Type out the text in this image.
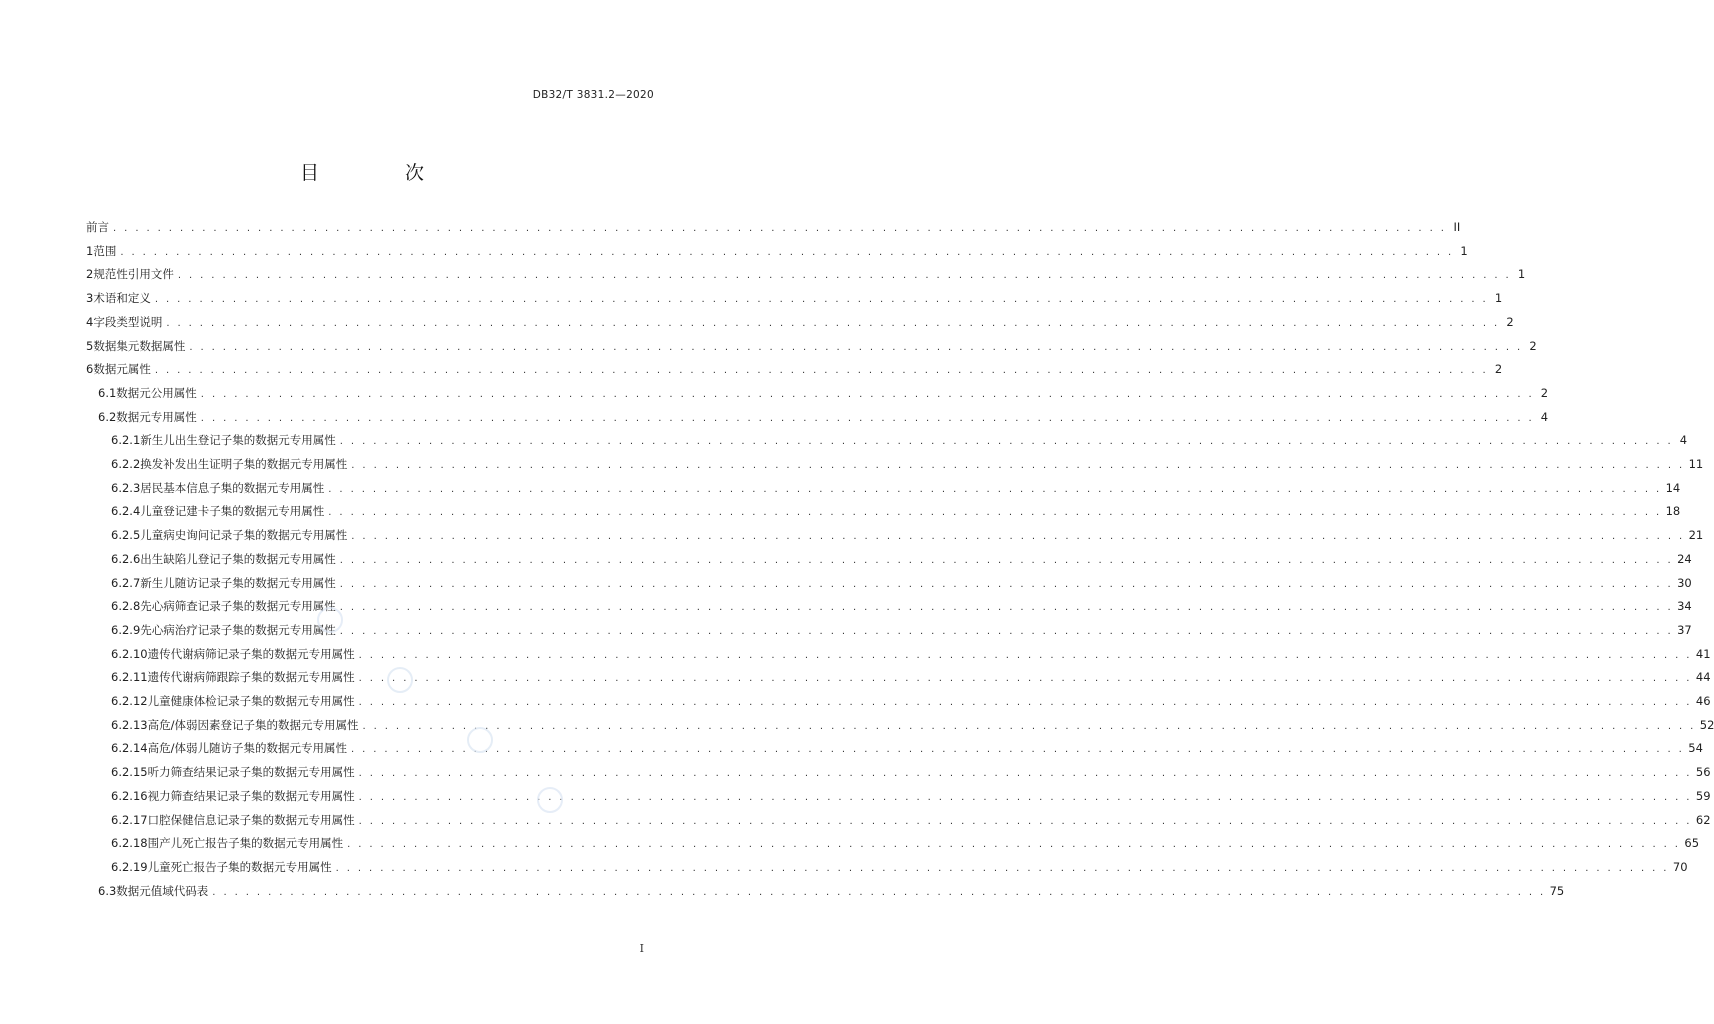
DB32/T 3831.2—2020
目 次
前言 . . . . . . . . . . . . . . . . . . . . . . . . . . . . . . . . . . . . . . . . . . . . . . . . . . . . . . . . . . . . . . . . . . . . . . . . . . . . . . . . . . . . . . . . . . . . . . . . . . . . . . . . . . . . . . . . . . . . . . . . II
1 范围 . . . . . . . . . . . . . . . . . . . . . . . . . . . . . . . . . . . . . . . . . . . . . . . . . . . . . . . . . . . . . . . . . . . . . . . . . . . . . . . . . . . . . . . . . . . . . . . . . . . . . . . . . . . . . . . . . . . . . . . . 1
2 规范性引用文件 . . . . . . . . . . . . . . . . . . . . . . . . . . . . . . . . . . . . . . . . . . . . . . . . . . . . . . . . . . . . . . . . . . . . . . . . . . . . . . . . . . . . . . . . . . . . . . . . . . . . . . . . . . . . . . . . . . . . . . . . 1
3 术语和定义 . . . . . . . . . . . . . . . . . . . . . . . . . . . . . . . . . . . . . . . . . . . . . . . . . . . . . . . . . . . . . . . . . . . . . . . . . . . . . . . . . . . . . . . . . . . . . . . . . . . . . . . . . . . . . . . . . . . . . . . . 1
4 字段类型说明 . . . . . . . . . . . . . . . . . . . . . . . . . . . . . . . . . . . . . . . . . . . . . . . . . . . . . . . . . . . . . . . . . . . . . . . . . . . . . . . . . . . . . . . . . . . . . . . . . . . . . . . . . . . . . . . . . . . . . . . . 2
5 数据集元数据属性 . . . . . . . . . . . . . . . . . . . . . . . . . . . . . . . . . . . . . . . . . . . . . . . . . . . . . . . . . . . . . . . . . . . . . . . . . . . . . . . . . . . . . . . . . . . . . . . . . . . . . . . . . . . . . . . . . . . . . . . . 2
6 数据元属性 . . . . . . . . . . . . . . . . . . . . . . . . . . . . . . . . . . . . . . . . . . . . . . . . . . . . . . . . . . . . . . . . . . . . . . . . . . . . . . . . . . . . . . . . . . . . . . . . . . . . . . . . . . . . . . . . . . . . . . . . 2
6.1 数据元公用属性 . . . . . . . . . . . . . . . . . . . . . . . . . . . . . . . . . . . . . . . . . . . . . . . . . . . . . . . . . . . . . . . . . . . . . . . . . . . . . . . . . . . . . . . . . . . . . . . . . . . . . . . . . . . . . . . . . . . . . . . . 2
6.2 数据元专用属性 . . . . . . . . . . . . . . . . . . . . . . . . . . . . . . . . . . . . . . . . . . . . . . . . . . . . . . . . . . . . . . . . . . . . . . . . . . . . . . . . . . . . . . . . . . . . . . . . . . . . . . . . . . . . . . . . . . . . . . . . 4
6.2.1 新生儿出生登记子集的数据元专用属性 . . . . . . . . . . . . . . . . . . . . . . . . . . . . . . . . . . . . . . . . . . . . . . . . . . . . . . . . . . . . . . . . . . . . . . . . . . . . . . . . . . . . . . . . . . . . . . . . . . . . . . . . . . . . . . . . . . . . . . . . 4
6.2.2 换发补发出生证明子集的数据元专用属性 . . . . . . . . . . . . . . . . . . . . . . . . . . . . . . . . . . . . . . . . . . . . . . . . . . . . . . . . . . . . . . . . . . . . . . . . . . . . . . . . . . . . . . . . . . . . . . . . . . . . . . . . . . . . . . . . . . . . . . . . 11
6.2.3 居民基本信息子集的数据元专用属性 . . . . . . . . . . . . . . . . . . . . . . . . . . . . . . . . . . . . . . . . . . . . . . . . . . . . . . . . . . . . . . . . . . . . . . . . . . . . . . . . . . . . . . . . . . . . . . . . . . . . . . . . . . . . . . . . . . . . . . . . 14
6.2.4 儿童登记建卡子集的数据元专用属性 . . . . . . . . . . . . . . . . . . . . . . . . . . . . . . . . . . . . . . . . . . . . . . . . . . . . . . . . . . . . . . . . . . . . . . . . . . . . . . . . . . . . . . . . . . . . . . . . . . . . . . . . . . . . . . . . . . . . . . . . 18
6.2.5 儿童病史询问记录子集的数据元专用属性 . . . . . . . . . . . . . . . . . . . . . . . . . . . . . . . . . . . . . . . . . . . . . . . . . . . . . . . . . . . . . . . . . . . . . . . . . . . . . . . . . . . . . . . . . . . . . . . . . . . . . . . . . . . . . . . . . . . . . . . . 21
6.2.6 出生缺陷儿登记子集的数据元专用属性 . . . . . . . . . . . . . . . . . . . . . . . . . . . . . . . . . . . . . . . . . . . . . . . . . . . . . . . . . . . . . . . . . . . . . . . . . . . . . . . . . . . . . . . . . . . . . . . . . . . . . . . . . . . . . . . . . . . . . . . . 24
6.2.7 新生儿随访记录子集的数据元专用属性 . . . . . . . . . . . . . . . . . . . . . . . . . . . . . . . . . . . . . . . . . . . . . . . . . . . . . . . . . . . . . . . . . . . . . . . . . . . . . . . . . . . . . . . . . . . . . . . . . . . . . . . . . . . . . . . . . . . . . . . . 30
6.2.8 先心病筛查记录子集的数据元专用属性 . . . . . . . . . . . . . . . . . . . . . . . . . . . . . . . . . . . . . . . . . . . . . . . . . . . . . . . . . . . . . . . . . . . . . . . . . . . . . . . . . . . . . . . . . . . . . . . . . . . . . . . . . . . . . . . . . . . . . . . . 34
6.2.9 先心病治疗记录子集的数据元专用属性 . . . . . . . . . . . . . . . . . . . . . . . . . . . . . . . . . . . . . . . . . . . . . . . . . . . . . . . . . . . . . . . . . . . . . . . . . . . . . . . . . . . . . . . . . . . . . . . . . . . . . . . . . . . . . . . . . . . . . . . . 37
6.2.10 遗传代谢病筛记录子集的数据元专用属性 . . . . . . . . . . . . . . . . . . . . . . . . . . . . . . . . . . . . . . . . . . . . . . . . . . . . . . . . . . . . . . . . . . . . . . . . . . . . . . . . . . . . . . . . . . . . . . . . . . . . . . . . . . . . . . . . . . . . . . . . 41
6.2.11 遗传代谢病筛跟踪子集的数据元专用属性 . . . . . . . . . . . . . . . . . . . . . . . . . . . . . . . . . . . . . . . . . . . . . . . . . . . . . . . . . . . . . . . . . . . . . . . . . . . . . . . . . . . . . . . . . . . . . . . . . . . . . . . . . . . . . . . . . . . . . . . . 44
6.2.12 儿童健康体检记录子集的数据元专用属性 . . . . . . . . . . . . . . . . . . . . . . . . . . . . . . . . . . . . . . . . . . . . . . . . . . . . . . . . . . . . . . . . . . . . . . . . . . . . . . . . . . . . . . . . . . . . . . . . . . . . . . . . . . . . . . . . . . . . . . . . 46
6.2.13 高危/体弱因素登记子集的数据元专用属性 . . . . . . . . . . . . . . . . . . . . . . . . . . . . . . . . . . . . . . . . . . . . . . . . . . . . . . . . . . . . . . . . . . . . . . . . . . . . . . . . . . . . . . . . . . . . . . . . . . . . . . . . . . . . . . . . . . . . . . . . 52
6.2.14 高危/体弱儿随访子集的数据元专用属性 . . . . . . . . . . . . . . . . . . . . . . . . . . . . . . . . . . . . . . . . . . . . . . . . . . . . . . . . . . . . . . . . . . . . . . . . . . . . . . . . . . . . . . . . . . . . . . . . . . . . . . . . . . . . . . . . . . . . . . . . 54
6.2.15 听力筛查结果记录子集的数据元专用属性 . . . . . . . . . . . . . . . . . . . . . . . . . . . . . . . . . . . . . . . . . . . . . . . . . . . . . . . . . . . . . . . . . . . . . . . . . . . . . . . . . . . . . . . . . . . . . . . . . . . . . . . . . . . . . . . . . . . . . . . . 56
6.2.16 视力筛查结果记录子集的数据元专用属性 . . . . . . . . . . . . . . . . . . . . . . . . . . . . . . . . . . . . . . . . . . . . . . . . . . . . . . . . . . . . . . . . . . . . . . . . . . . . . . . . . . . . . . . . . . . . . . . . . . . . . . . . . . . . . . . . . . . . . . . . 59
6.2.17 口腔保健信息记录子集的数据元专用属性 . . . . . . . . . . . . . . . . . . . . . . . . . . . . . . . . . . . . . . . . . . . . . . . . . . . . . . . . . . . . . . . . . . . . . . . . . . . . . . . . . . . . . . . . . . . . . . . . . . . . . . . . . . . . . . . . . . . . . . . . 62
6.2.18 围产儿死亡报告子集的数据元专用属性 . . . . . . . . . . . . . . . . . . . . . . . . . . . . . . . . . . . . . . . . . . . . . . . . . . . . . . . . . . . . . . . . . . . . . . . . . . . . . . . . . . . . . . . . . . . . . . . . . . . . . . . . . . . . . . . . . . . . . . . . 65
6.2.19 儿童死亡报告子集的数据元专用属性 . . . . . . . . . . . . . . . . . . . . . . . . . . . . . . . . . . . . . . . . . . . . . . . . . . . . . . . . . . . . . . . . . . . . . . . . . . . . . . . . . . . . . . . . . . . . . . . . . . . . . . . . . . . . . . . . . . . . . . . . 70
6.3 数据元值域代码表 . . . . . . . . . . . . . . . . . . . . . . . . . . . . . . . . . . . . . . . . . . . . . . . . . . . . . . . . . . . . . . . . . . . . . . . . . . . . . . . . . . . . . . . . . . . . . . . . . . . . . . . . . . . . . . . . . . . . . . . . 75
I
